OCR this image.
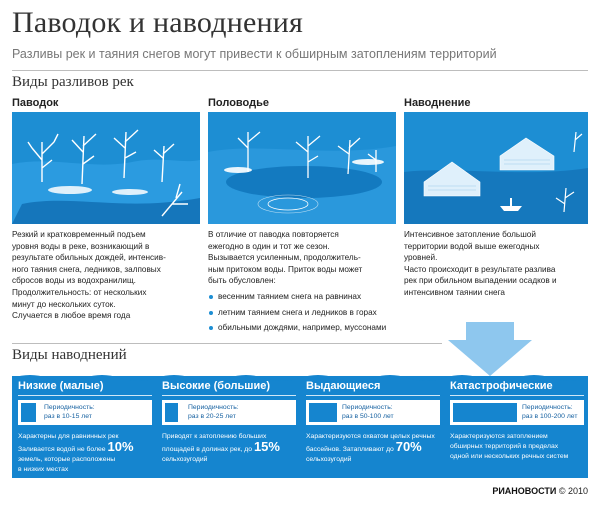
Паводок и наводнения
Разливы рек и таяния снегов могут привести к обширным затоплениям территорий
Виды разливов рек
Паводок	Половодье	Наводнение
Резкий и кратковременный подъем
уровня воды в реке, возникающий в
результате обильных дождей, интенсив-
ного таяния снега, ледников, залповых
сбросов воды из водохранилищ.
Продолжительность: от нескольких
минут до нескольких суток.
Случается в любое время года
В отличие от паводка повторяется
ежегодно в один и тот же сезон.
Вызывается усиленным, продолжитель-
ным притоком воды. Приток воды может
быть обусловлен:
весенним таянием снега на равнинах
летним таянием снега и ледников в горах
обильными дождями, например, муссонами
Интенсивное затопление большой
территории водой выше ежегодных
уровней.
Часто происходит в результате разлива
рек при обильном выпадении осадков и
интенсивном таянии снега
Виды наводнений
Низкие (малые)
Периодичность:
раз в 10-15 лет
Характерны для равнинных рек
Заливается водой не более 10%
земель, которые расположены
в низких местах
Высокие (большие)
Периодичность:
раз в 20-25 лет
Приводят к затоплению больших
площадей в долинах рек, до 15%
сельхозугодий
Выдающиеся
Периодичность:
раз в 50-100 лет
Характеризуются охватом целых речных
бассейнов. Затапливают до 70%
сельхозугодий
Катастрофические
Периодичность:
раз в 100-200 лет
Характеризуются затоплением
обширных территорий в пределах
одной или нескольких речных систем
РИАНОВОСТИ © 2010
